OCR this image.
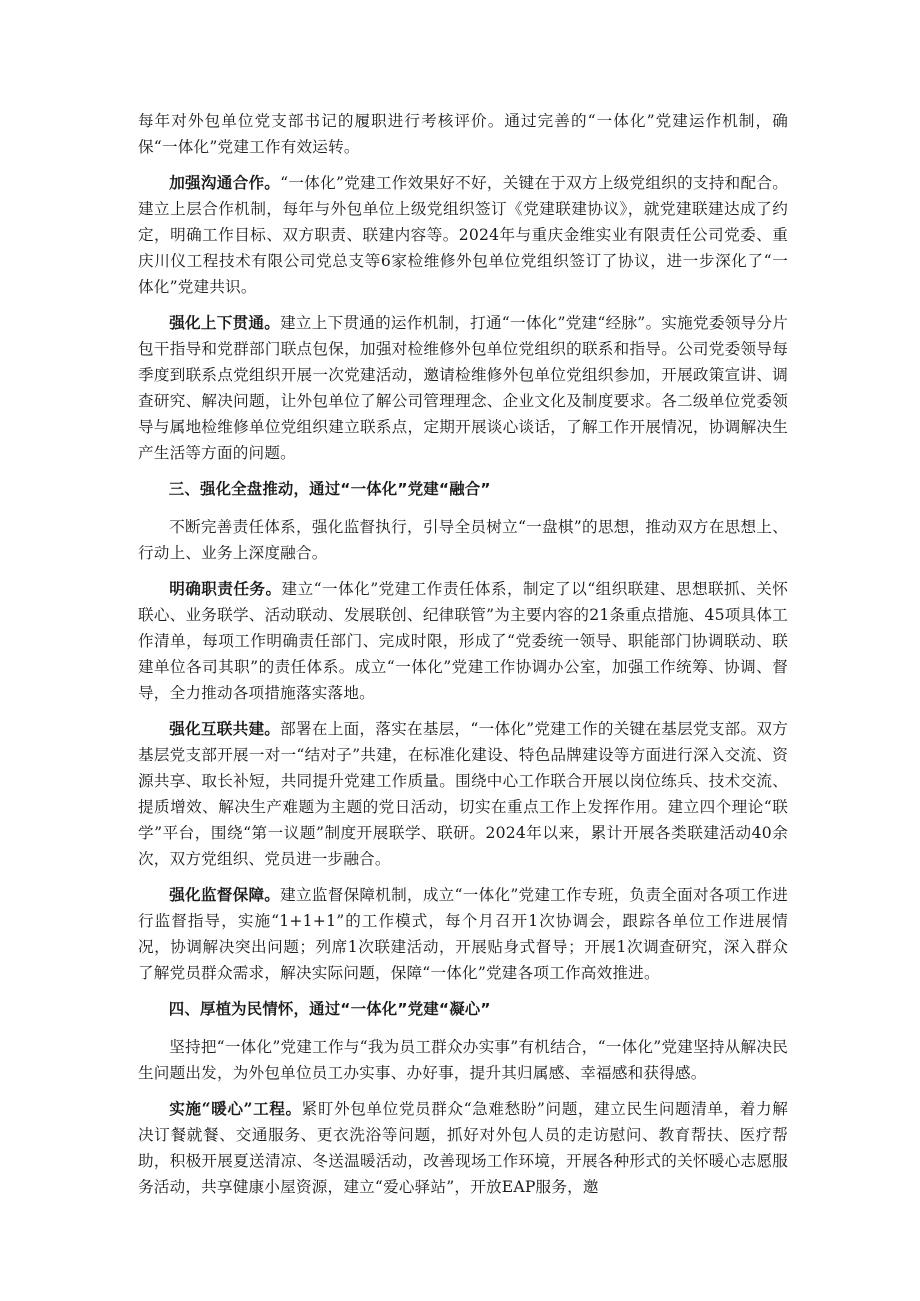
每年对外包单位党支部书记的履职进行考核评价。通过完善的“一体化”党建运作机制，确保“一体化”党建工作有效运转。

加强沟通合作。“一体化”党建工作效果好不好，关键在于双方上级党组织的支持和配合。建立上层合作机制，每年与外包单位上级党组织签订《党建联建协议》，就党建联建达成了约定，明确工作目标、双方职责、联建内容等。2024年与重庆金维实业有限责任公司党委、重庆川仪工程技术有限公司党总支等6家检维修外包单位党组织签订了协议，进一步深化了“一体化”党建共识。

强化上下贯通。建立上下贯通的运作机制，打通“一体化”党建“经脉”。实施党委领导分片包干指导和党群部门联点包保，加强对检维修外包单位党组织的联系和指导。公司党委领导每季度到联系点党组织开展一次党建活动，邀请检维修外包单位党组织参加，开展政策宣讲、调查研究、解决问题，让外包单位了解公司管理理念、企业文化及制度要求。各二级单位党委领导与属地检维修单位党组织建立联系点，定期开展谈心谈话，了解工作开展情况，协调解决生产生活等方面的问题。

三、强化全盘推动，通过“一体化”党建“融合”

不断完善责任体系，强化监督执行，引导全员树立“一盘棋”的思想，推动双方在思想上、行动上、业务上深度融合。

明确职责任务。建立“一体化”党建工作责任体系，制定了以“组织联建、思想联抓、关怀联心、业务联学、活动联动、发展联创、纪律联管”为主要内容的21条重点措施、45项具体工作清单，每项工作明确责任部门、完成时限，形成了“党委统一领导、职能部门协调联动、联建单位各司其职”的责任体系。成立“一体化”党建工作协调办公室，加强工作统筹、协调、督导，全力推动各项措施落实落地。

强化互联共建。部署在上面，落实在基层，“一体化”党建工作的关键在基层党支部。双方基层党支部开展一对一“结对子”共建，在标准化建设、特色品牌建设等方面进行深入交流、资源共享、取长补短，共同提升党建工作质量。围绕中心工作联合开展以岗位练兵、技术交流、提质增效、解决生产难题为主题的党日活动，切实在重点工作上发挥作用。建立四个理论“联学”平台，围绕“第一议题”制度开展联学、联研。2024年以来，累计开展各类联建活动40余次，双方党组织、党员进一步融合。

强化监督保障。建立监督保障机制，成立“一体化”党建工作专班，负责全面对各项工作进行监督指导，实施“1+1+1”的工作模式，每个月召开1次协调会，跟踪各单位工作进展情况，协调解决突出问题；列席1次联建活动，开展贴身式督导；开展1次调查研究，深入群众了解党员群众需求，解决实际问题，保障“一体化”党建各项工作高效推进。

四、厚植为民情怀，通过“一体化”党建“凝心”

坚持把“一体化”党建工作与“我为员工群众办实事”有机结合，“一体化”党建坚持从解决民生问题出发，为外包单位员工办实事、办好事，提升其归属感、幸福感和获得感。

实施“暖心”工程。紧盯外包单位党员群众“急难愁盼”问题，建立民生问题清单，着力解决订餐就餐、交通服务、更衣洗浴等问题，抓好对外包人员的走访慰问、教育帮扶、医疗帮助，积极开展夏送清凉、冬送温暖活动，改善现场工作环境，开展各种形式的关怀暖心志愿服务活动，共享健康小屋资源，建立“爱心驿站”，开放EAP服务，邀
